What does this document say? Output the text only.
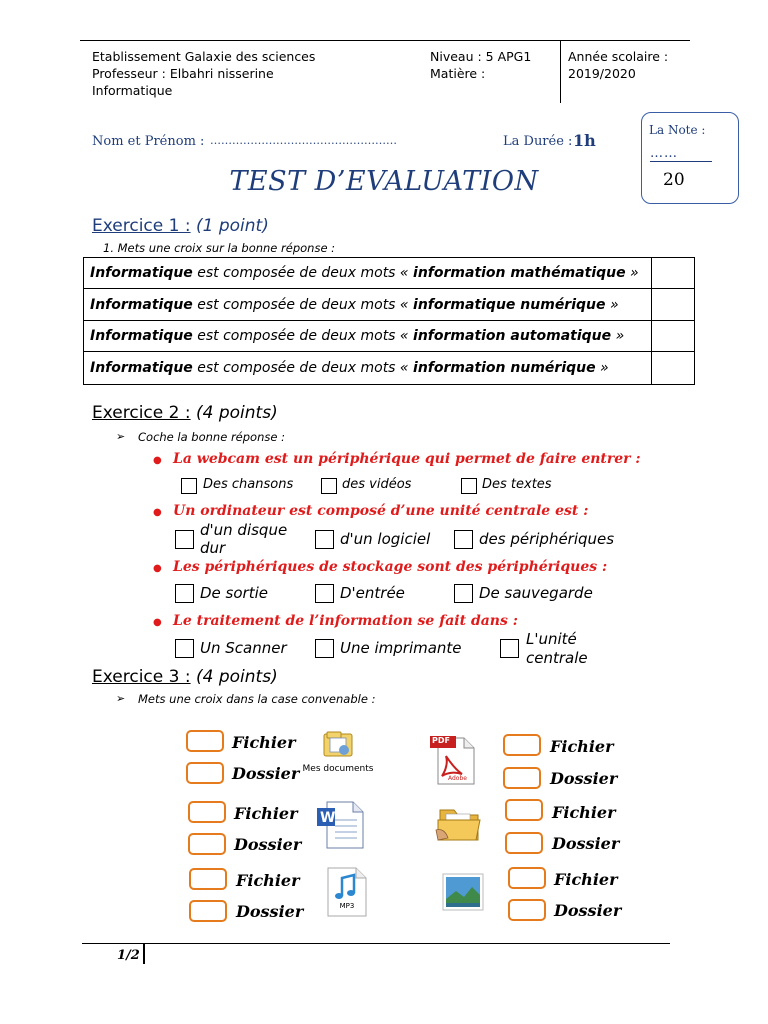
Etablissement Galaxie des sciences
Professeur : Elbahri nisserine
Informatique
Niveau : 5 APG1
Matière :
Année scolaire :
2019/2020
Nom et Prénom : ……………………………………………	La Durée : 1h
La Note :
……
20
TEST D’EVALUATION
Exercice 1 : (1 point)
1. Mets une croix sur la bonne réponse :
Informatique est composée de deux mots « information mathématique »	
Informatique est composée de deux mots « informatique numérique »	
Informatique est composée de deux mots « information automatique »	
Informatique est composée de deux mots « information numérique »	
Exercice 2 : (4 points)
➢ Coche la bonne réponse :
● La webcam est un périphérique qui permet de faire entrer :
Des chansons	des vidéos	Des textes
● Un ordinateur est composé d’une unité centrale est :
d'un disque
dur	d'un logiciel	des périphériques
● Les périphériques de stockage sont des périphériques :
De sortie	D'entrée	De sauvegarde
● Le traitement de l’information se fait dans :
Un Scanner	Une imprimante	L'unité
centrale
Exercice 3 : (4 points)
➢ Mets une croix dans la case convenable :
Fichier
Dossier Mes documents
PDF
Adobe
Fichier
Dossier
Fichier
Dossier
W	Fichier
Dossier
Fichier
Dossier	MP3
Fichier
Dossier
1/2
